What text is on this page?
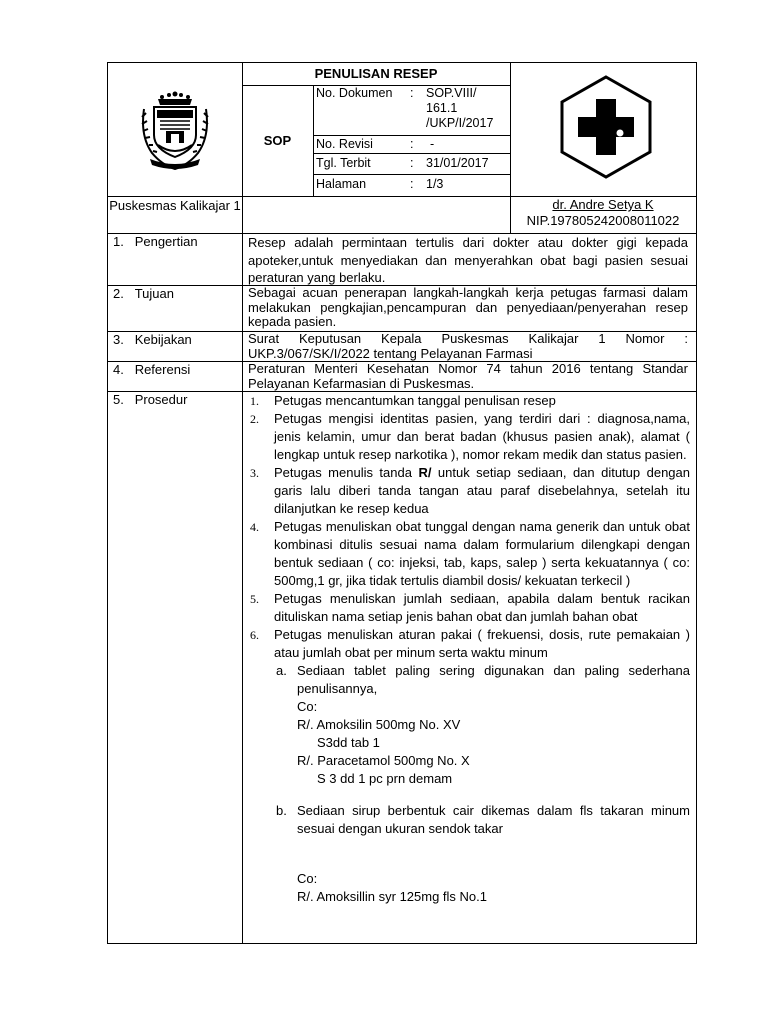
PENULISAN RESEP
SOP
No. Dokumen : SOP.VIII/ 161.1 /UKP/I/2017
No. Revisi	: -
Tgl. Terbit	: 31/01/2017
Halaman	: 1/3
Puskesmas Kalikajar 1	dr. Andre Setya K
NIP.197805242008011022
1. Pengertian	Resep adalah permintaan tertulis dari dokter atau dokter gigi kepada apoteker,untuk menyediakan dan menyerahkan obat bagi pasien sesuai peraturan yang berlaku.
2. Tujuan	Sebagai acuan penerapan langkah-langkah kerja petugas farmasi dalam melakukan pengkajian,pencampuran dan penyediaan/penyerahan resep kepada pasien.
3. Kebijakan	Surat Keputusan Kepala Puskesmas Kalikajar 1 Nomor : UKP.3/067/SK/I/2022 tentang Pelayanan Farmasi
4. Referensi	Peraturan Menteri Kesehatan Nomor 74 tahun 2016 tentang Standar Pelayanan Kefarmasian di Puskesmas.
5. Prosedur	1. Petugas mencantumkan tanggal penulisan resep
2. Petugas mengisi identitas pasien, yang terdiri dari : diagnosa,nama, jenis kelamin, umur dan berat badan (khusus pasien anak), alamat ( lengkap untuk resep narkotika ), nomor rekam medik dan status pasien.
3. Petugas menulis tanda R/ untuk setiap sediaan, dan ditutup dengan garis lalu diberi tanda tangan atau paraf disebelahnya, setelah itu dilanjutkan ke resep kedua
4. Petugas menuliskan obat tunggal dengan nama generik dan untuk obat kombinasi ditulis sesuai nama dalam formularium dilengkapi dengan bentuk sediaan ( co: injeksi, tab, kaps, salep ) serta kekuatannya ( co: 500mg,1 gr, jika tidak tertulis diambil dosis/ kekuatan terkecil )
5. Petugas menuliskan jumlah sediaan, apabila dalam bentuk racikan dituliskan nama setiap jenis bahan obat dan jumlah bahan obat
6. Petugas menuliskan aturan pakai ( frekuensi, dosis, rute pemakaian ) atau jumlah obat per minum serta waktu minum
a. Sediaan tablet paling sering digunakan dan paling sederhana penulisannya,
Co:
R/. Amoksilin 500mg No. XV
S3dd tab 1
R/. Paracetamol 500mg No. X
S 3 dd 1 pc prn demam
b. Sediaan sirup berbentuk cair dikemas dalam fls takaran minum sesuai dengan ukuran sendok takar
Co:
R/. Amoksillin syr 125mg fls No.1
